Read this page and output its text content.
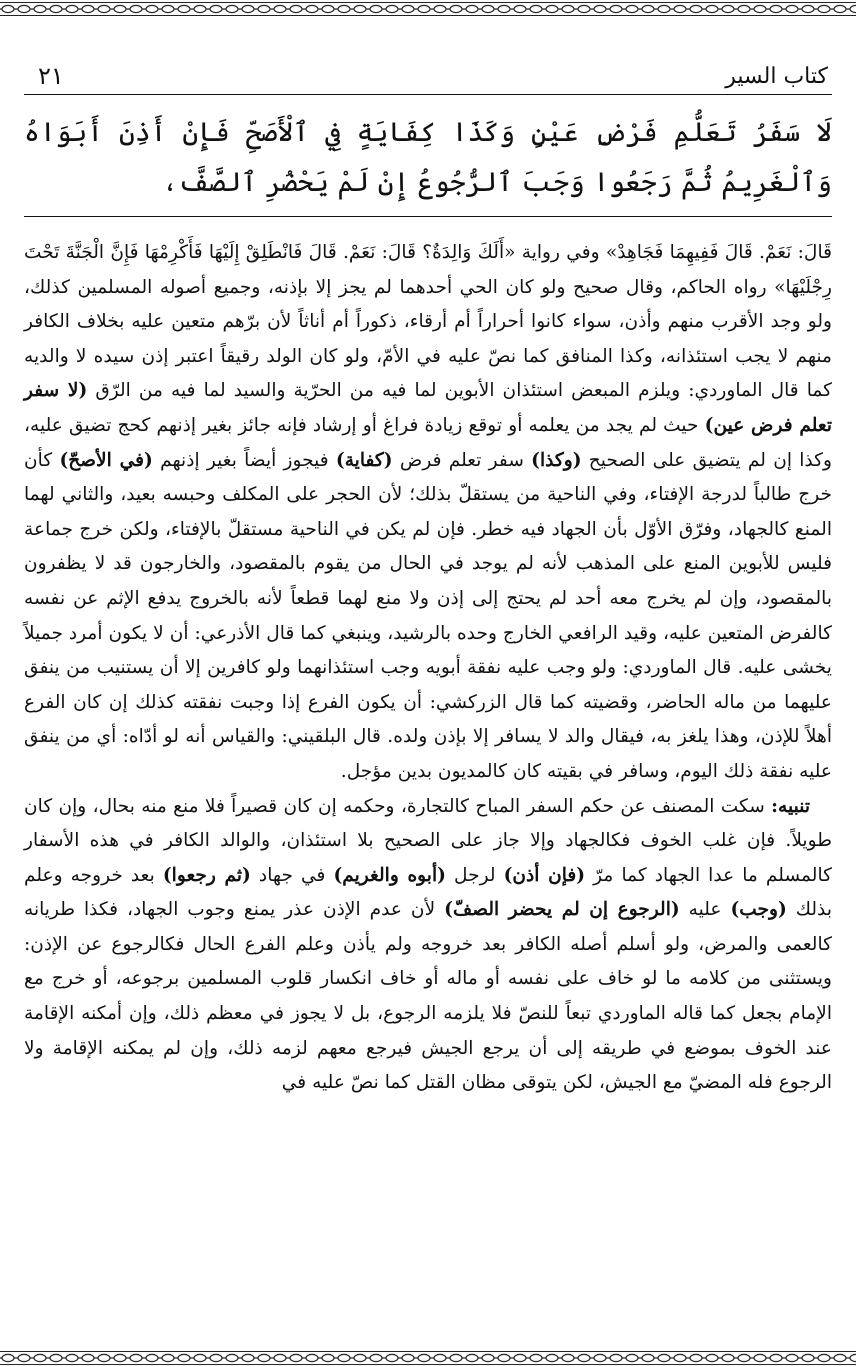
كتاب السير
٢١
لَا سَفَرُ تَعَلُّمِ فَرْضِ عَيْنٍ وَكَذَا كِفَايَةٍ فِي ٱلْأَصَحِّ فَإِنْ أَذِنَ أَبَوَاهُ وَٱلْغَرِيمُ ثُمَّ رَجَعُوا وَجَبَ ٱلرُّجُوعُ إِنْ لَمْ يَحْضُرِ ٱلصَّفَّ،

قَالَ: نَعَمْ. قَالَ فَفِيهِمَا فَجَاهِدْ» وفي رواية «أَلَكَ وَالِدَةٌ؟ قَالَ: نَعَمْ. قَالَ فَانْطَلِقْ إِلَيْهَا فَأَكْرِمْهَا فَإِنَّ الْجَنَّةَ تَحْتَ رِجْلَيْهَا» رواه الحاكم، وقال صحيح ولو كان الحي أحدهما لم يجز إلا بإذنه، وجميع أصوله المسلمين كذلك، ولو وجد الأقرب منهم وأذن، سواء كانوا أحراراً أم أرقاء، ذكوراً أم أناثاً لأن برّهم متعين عليه بخلاف الكافر منهم لا يجب استئذانه، وكذا المنافق كما نصّ عليه في الأمّ، ولو كان الولد رقيقاً اعتبر إذن سيده لا والديه كما قال الماوردي: ويلزم المبعض استئذان الأبوين لما فيه من الحرّية والسيد لما فيه من الرّق (لا سفر تعلم فرض عين) حيث لم يجد من يعلمه أو توقع زيادة فراغ أو إرشاد فإنه جائز بغير إذنهم كحج تضيق عليه، وكذا إن لم يتضيق على الصحيح (وكذا) سفر تعلم فرض (كفاية) فيجوز أيضاً بغير إذنهم (في الأصحّ) كأن خرج طالباً لدرجة الإفتاء، وفي الناحية من يستقلّ بذلك؛ لأن الحجر على المكلف وحبسه بعيد، والثاني لهما المنع كالجهاد، وفرّق الأوّل بأن الجهاد فيه خطر. فإن لم يكن في الناحية مستقلّ بالإفتاء، ولكن خرج جماعة فليس للأبوين المنع على المذهب لأنه لم يوجد في الحال من يقوم بالمقصود، والخارجون قد لا يظفرون بالمقصود، وإن لم يخرج معه أحد لم يحتج إلى إذن ولا منع لهما قطعاً لأنه بالخروج يدفع الإثم عن نفسه كالفرض المتعين عليه، وقيد الرافعي الخارج وحده بالرشيد، وينبغي كما قال الأذرعي: أن لا يكون أمرد جميلاً يخشى عليه. قال الماوردي: ولو وجب عليه نفقة أبويه وجب استئذانهما ولو كافرين إلا أن يستنيب من ينفق عليهما من ماله الحاضر، وقضيته كما قال الزركشي: أن يكون الفرع إذا وجبت نفقته كذلك إن كان الفرع أهلاً للإذن، وهذا يلغز به، فيقال والد لا يسافر إلا بإذن ولده. قال البلقيني: والقياس أنه لو أدّاه: أي من ينفق عليه نفقة ذلك اليوم، وسافر في بقيته كان كالمديون بدين مؤجل.

تنبيه: سكت المصنف عن حكم السفر المباح كالتجارة، وحكمه إن كان قصيراً فلا منع منه بحال، وإن كان طويلاً. فإن غلب الخوف فكالجهاد وإلا جاز على الصحيح بلا استئذان، والوالد الكافر في هذه الأسفار كالمسلم ما عدا الجهاد كما مرّ (فإن أذن) لرجل (أبوه والغريم) في جهاد (ثم رجعوا) بعد خروجه وعلم بذلك (وجب) عليه (الرجوع إن لم يحضر الصفّ) لأن عدم الإذن عذر يمنع وجوب الجهاد، فكذا طريانه كالعمى والمرض، ولو أسلم أصله الكافر بعد خروجه ولم يأذن وعلم الفرع الحال فكالرجوع عن الإذن: ويستثنى من كلامه ما لو خاف على نفسه أو ماله أو خاف انكسار قلوب المسلمين برجوعه، أو خرج مع الإمام بجعل كما قاله الماوردي تبعاً للنصّ فلا يلزمه الرجوع، بل لا يجوز في معظم ذلك، وإن أمكنه الإقامة عند الخوف بموضع في طريقه إلى أن يرجع الجيش فيرجع معهم لزمه ذلك، وإن لم يمكنه الإقامة ولا الرجوع فله المضيّ مع الجيش، لكن يتوقى مظان القتل كما نصّ عليه في
